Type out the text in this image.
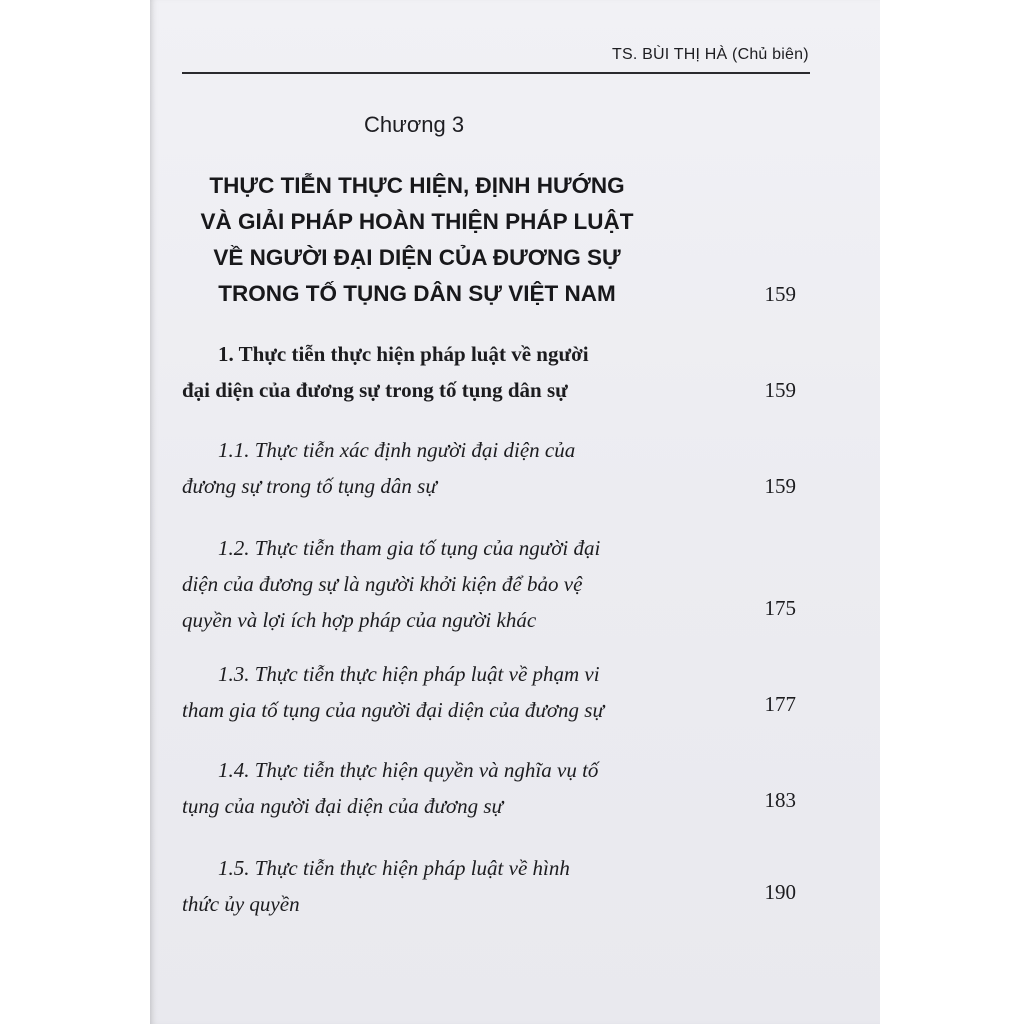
TS. BÙI THỊ HÀ (Chủ biên)
Chương 3
THỰC TIỄN THỰC HIỆN, ĐỊNH HƯỚNG
VÀ GIẢI PHÁP HOÀN THIỆN PHÁP LUẬT
VỀ NGƯỜI ĐẠI DIỆN CỦA ĐƯƠNG SỰ
TRONG TỐ TỤNG DÂN SỰ VIỆT NAM	159
1. Thực tiễn thực hiện pháp luật về người
đại diện của đương sự trong tố tụng dân sự	159
1.1. Thực tiễn xác định người đại diện của
đương sự trong tố tụng dân sự	159
1.2. Thực tiễn tham gia tố tụng của người đại
diện của đương sự là người khởi kiện để bảo vệ
quyền và lợi ích hợp pháp của người khác	175
1.3. Thực tiễn thực hiện pháp luật về phạm vi
tham gia tố tụng của người đại diện của đương sự	177
1.4. Thực tiễn thực hiện quyền và nghĩa vụ tố
tụng của người đại diện của đương sự	183
1.5. Thực tiễn thực hiện pháp luật về hình
thức ủy quyền	190
